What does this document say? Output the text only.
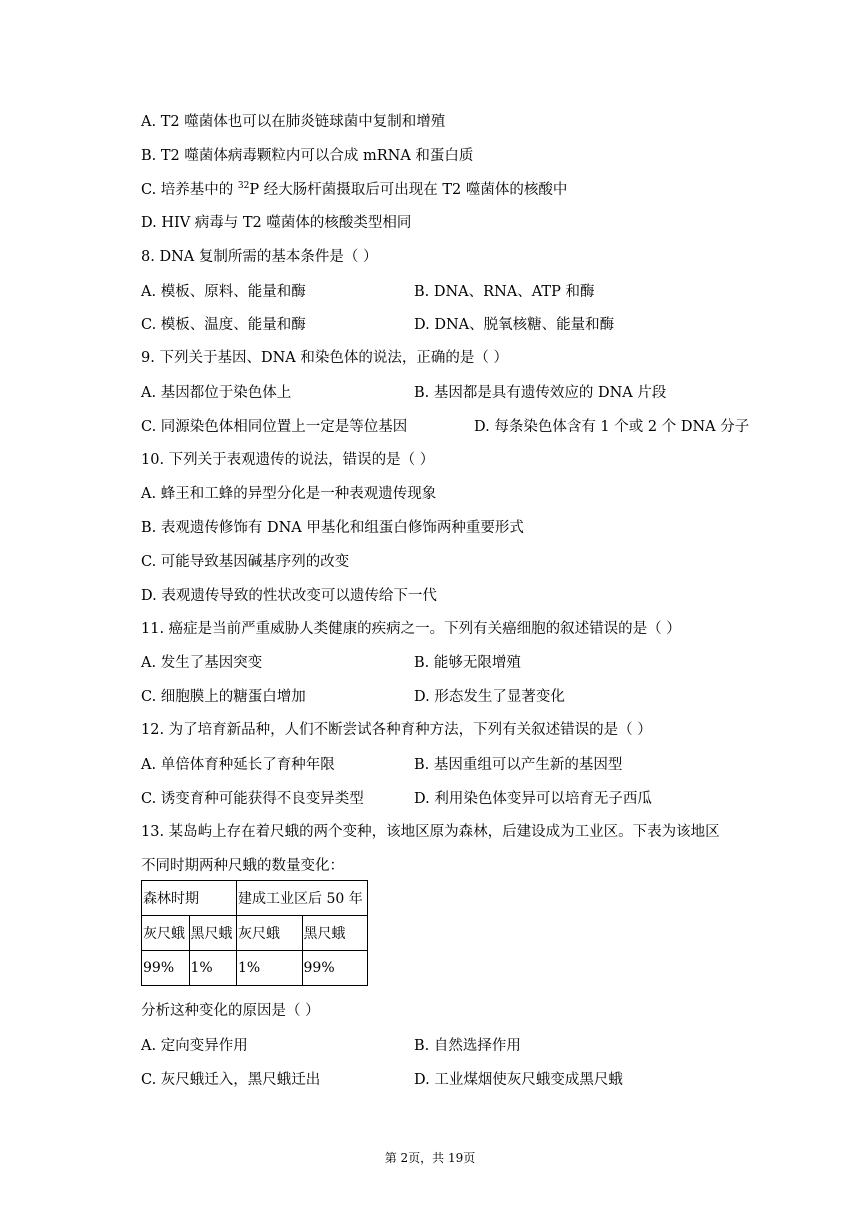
A. T2 噬菌体也可以在肺炎链球菌中复制和增殖
B. T2 噬菌体病毒颗粒内可以合成 mRNA 和蛋白质
C. 培养基中的 $^{32}$P 经大肠杆菌摄取后可出现在 T2 噬菌体的核酸中
D. HIV 病毒与 T2 噬菌体的核酸类型相同
8. DNA 复制所需的基本条件是（ ）
A. 模板、原料、能量和酶	B. DNA、RNA、ATP 和酶
C. 模板、温度、能量和酶	D. DNA、脱氧核糖、能量和酶
9. 下列关于基因、DNA 和染色体的说法，正确的是（ ）
A. 基因都位于染色体上	B. 基因都是具有遗传效应的 DNA 片段
C. 同源染色体相同位置上一定是等位基因	D. 每条染色体含有 1 个或 2 个 DNA 分子
10. 下列关于表观遗传的说法，错误的是（ ）
A. 蜂王和工蜂的异型分化是一种表观遗传现象
B. 表观遗传修饰有 DNA 甲基化和组蛋白修饰两种重要形式
C. 可能导致基因碱基序列的改变
D. 表观遗传导致的性状改变可以遗传给下一代
11. 癌症是当前严重威胁人类健康的疾病之一。下列有关癌细胞的叙述错误的是（ ）
A. 发生了基因突变	B. 能够无限增殖
C. 细胞膜上的糖蛋白增加	D. 形态发生了显著变化
12. 为了培育新品种，人们不断尝试各种育种方法，下列有关叙述错误的是（ ）
A. 单倍体育种延长了育种年限	B. 基因重组可以产生新的基因型
C. 诱变育种可能获得不良变异类型	D. 利用染色体变异可以培育无子西瓜
13. 某岛屿上存在着尺蛾的两个变种，该地区原为森林，后建设成为工业区。下表为该地区
不同时期两种尺蛾的数量变化：
森林时期		建成工业区后 50 年	
灰尺蛾	黑尺蛾	灰尺蛾	黑尺蛾
99%	1%	1%	99%
分析这种变化的原因是（ ）
A. 定向变异作用	B. 自然选择作用
C. 灰尺蛾迁入，黑尺蛾迁出	D. 工业煤烟使灰尺蛾变成黑尺蛾
第 2页，共 19页
